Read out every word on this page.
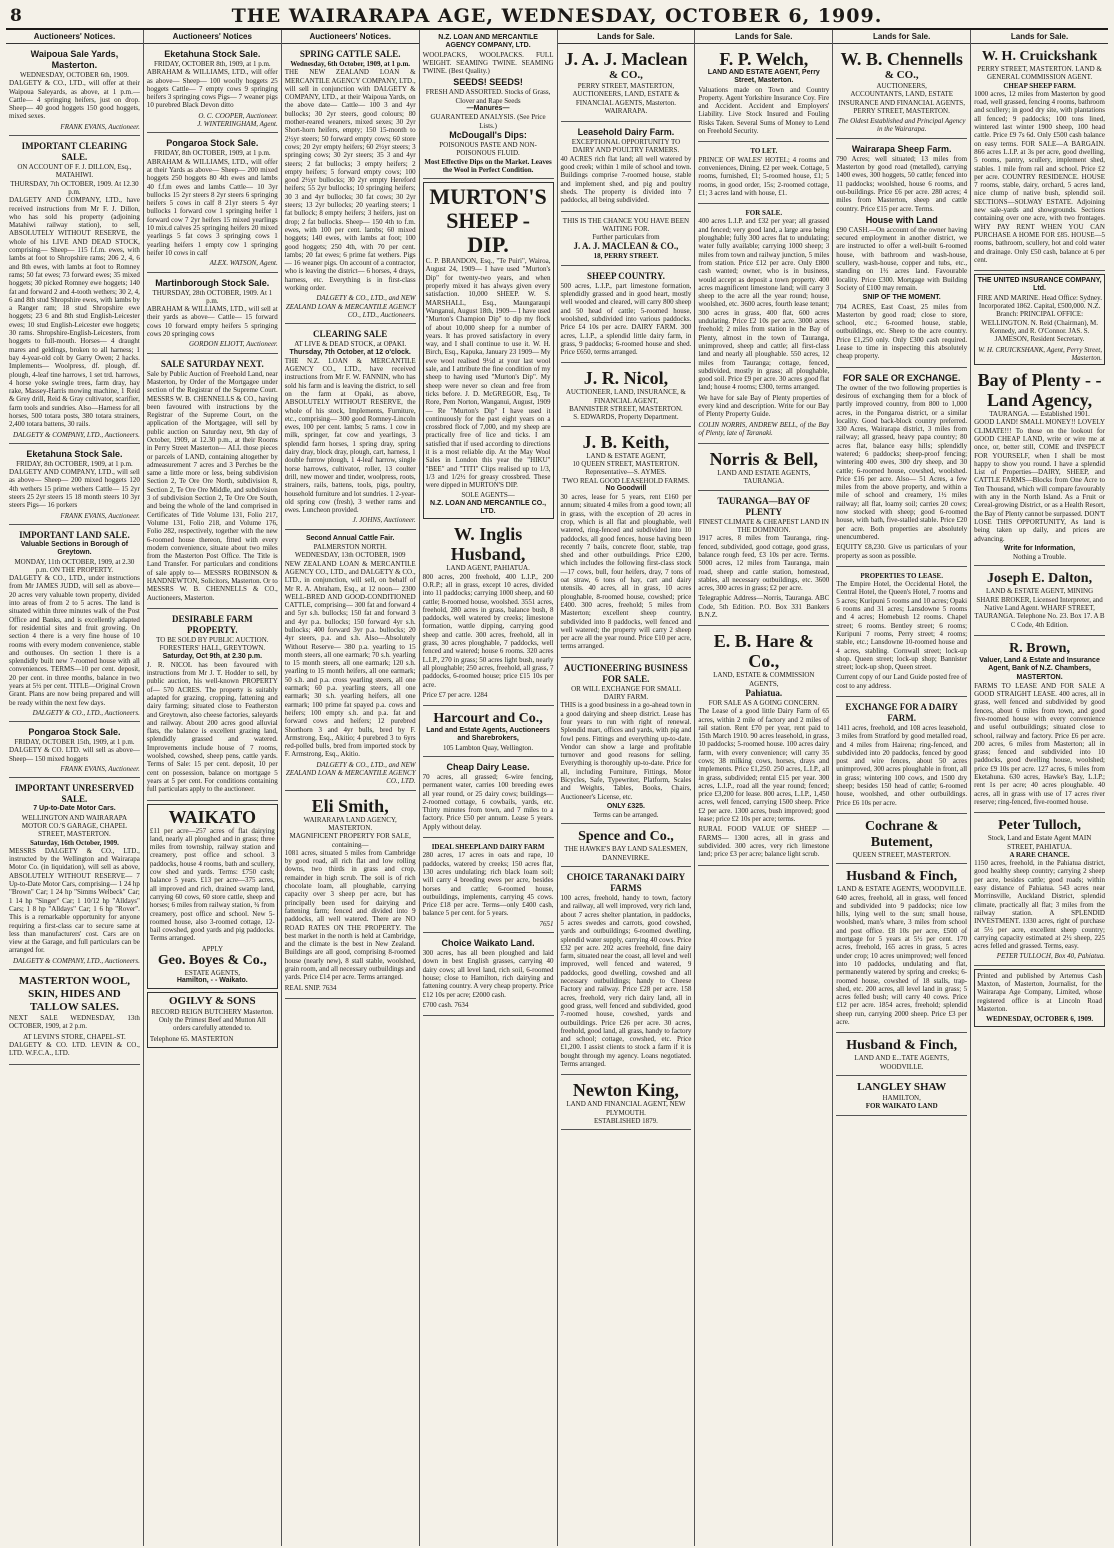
8	THE WAIRARAPA AGE, WEDNESDAY, OCTOBER 6, 1909.
Auctioneers' Notices.
Waipoua Sale Yards, Masterton.
WEDNESDAY, OCTOBER 6th, 1909.
DALGETY & CO., LTD., will offer at their Waipoua Saleyards, as above, at 1 p.m.— Cattle— 4 springing heifers, just on drop. Sheep— 40 good hoggets 150 good hoggets, mixed sexes.
FRANK EVANS, Auctioneer.
IMPORTANT CLEARING SALE.
ON ACCOUNT OF F. J. DILLON, Esq., MATAHIWI.
THURSDAY, 7th OCTOBER, 1909. At 12.30 p.m.
DALGETY AND COMPANY, LTD., have received instructions from Mr F. J. Dillon, who has sold his property (adjoining Matahiwi railway station), to sell, ABSOLUTELY WITHOUT RESERVE, the whole of his LIVE AND DEAD STOCK, comprising— Sheep— 115 f.f.m. ewes, with lambs at foot to Shropshire rams; 206 2, 4, 6 and 8th ewes, with lambs at foot to Romney rams; 50 fat ewes; 73 forward ewes; 35 mixed hoggets; 30 picked Romney ewe hoggets; 140 fat and forward 2 and 4-tooth wethers; 30 2, 4, 6 and 8th stud Shropshire ewes, with lambs by a Ranger ram; 18 stud Shropshire ewe hoggets; 23 6 and 8th stud English-Leicester ewes; 10 stud English-Leicester ewe hoggets; 30 rams. Shropshire-English-Leicesters, from hoggets to full-mouth. Horses— 4 draught mares and geldings, broken to all harness; 1 bay 4-year-old colt by Garry Owen; 2 hacks. Implements— Woolpress, df. plough, df. plough, 4-leaf tine harrows, 1 set trd. harrows, 4 horse yoke swingle trees, farm dray, hay rake, Massey-Harris mowing machine, 1 Reid & Grey drill, Reid & Gray cultivator, scarifier, farm tools and sundries. Also—Harness for all horses, 500 totara posts, 380 totara strainers, 2,400 totara battens, 30 rails.
DALGETY & COMPANY, LTD., Auctioneers.
Eketahuna Stock Sale.
FRIDAY, 8th OCTOBER, 1909, at 1 p.m.
DALGETY AND COMPANY, LTD., will sell as above— Sheep— 200 mixed hoggets 120 4th wethers 15 prime wethers Cattle— 15 2yr steers 25 2yr steers 15 18 month steers 10 3yr steers Pigs— 16 porkers
FRANK EVANS, Auctioneer.
IMPORTANT LAND SALE.
Valuable Sections in Borough of Greytown.
MONDAY, 11th OCTOBER, 1909, at 2.30 p.m. ON THE PROPERTY.
DALGETY & CO., LTD., under instructions from Mr JAMES JUDD, will sell as above— 20 acres very valuable town property, divided into areas of from 2 to 5 acres. The land is situated within three minutes walk of the Post Office and Banks, and is excellently adapted for residential sites and fruit growing. On section 4 there is a very fine house of 10 rooms with every modern convenience, stable and outhouses. On section 1 there is a splendidly built new 7-roomed house with all conveniences. TERMS—10 per cent. deposit, 20 per cent. in three months, balance in two years at 5½ per cent. TITLE—Original Crown Grant. Plans are now being prepared and will be ready within the next few days.
DALGETY & CO., LTD., Auctioneers.
Pongaroa Stock Sale.
FRIDAY, OCTOBER 15th, 1909, at 1 p.m.
DALGETY & CO. LTD. will sell as above— Sheep— 150 mixed hoggets
FRANK EVANS, Auctioneer.
IMPORTANT UNRESERVED SALE.
7 Up-to-Date Motor Cars.
WELLINGTON AND WAIRARAPA MOTOR CO.'S GARAGE, CHAPEL STREET, MASTERTON.
Saturday, 16th October, 1909.
MESSRS DALGETY & CO., LTD., instructed by the Wellington and Wairarapa Motor Co. (in liquidation), will sell as above, ABSOLUTELY WITHOUT RESERVE— 7 Up-to-Date Motor Cars, comprising— 1 24 hp "Brown" Car; 1 24 hp "Simms Welbeck" Car; 1 14 hp "Singer" Car; 1 10/12 hp "Alldays" Cars; 1 8 hp "Alldays" Car; 1 6 hp "Rover". This is a remarkable opportunity for anyone requiring a first-class car to secure same at less than manufacturers' cost. Cars are on view at the Garage, and full particulars can be arranged for.
DALGETY & COMPANY, LTD., Auctioneers.
MASTERTON WOOL, SKIN, HIDES AND TALLOW SALES.
NEXT SALE WEDNESDAY, 13th OCTOBER, 1909, at 2 p.m.
AT LEVIN'S STORE, CHAPEL-ST.
DALGETY & CO. LTD. LEVIN & CO., LTD. W.F.C.A., LTD.
Auctioneers' Notices
Eketahuna Stock Sale.
FRIDAY, OCTOBER 8th, 1909, at 1 p.m.
ABRAHAM & WILLIAMS, LTD., will offer as above— Sheep— 100 woolly hoggets 25 hoggets Cattle— 7 empty cows 9 springing heifers 3 springing cows Pigs— 7 weaner pigs 10 purebred Black Devon ditto
O. C. COOPER, Auctioneer.
J. WINTERINGHAM, Agent.
Pongaroa Stock Sale.
FRIDAY, 8th OCTOBER, 1909, at 1 p.m.
ABRAHAM & WILLIAMS, LTD., will offer at their Yards as above— Sheep— 200 mixed hoggets 250 hoggets 80 4th ewes and lambs 40 f.f.m ewes and lambs Cattle— 10 3yr bullocks 15 2yr steers 8 2yr steers 6 springing heifers 5 cows in calf 8 21yr steers 5 4yr bullocks 1 forward cow 1 springing heifer 1 forward cow 7 2yr heifers 15 mixed yearlings 10 mix.d calves 25 springing heifers 20 mixed yearlings 5 fat cows 3 springing cows 1 yearling heifers 1 empty cow 1 springing heifer 10 cows in calf
ALEX. WATSON, Agent.
Martinborough Stock Sale.
THURSDAY, 28th OCTOBER, 1909. At 1 p.m.
ABRAHAM & WILLIAMS, LTD., will sell at their yards as above— Cattle— 15 forward cows 10 forward empty heifers 5 springing cows 20 springing cows
GORDON ELIOTT, Auctioneer.
SALE SATURDAY NEXT.
Sale by Public Auction of Freehold Land, near Masterton, by Order of the Mortgagee under section of the Registrar of the Supreme Court. MESSRS W. B. CHENNELLS & CO., having been favoured with instructions by the Registrar of the Supreme Court, on the application of the Mortgagee, will sell by public auction on Saturday next, 9th day of October, 1909, at 12.30 p.m., at their Rooms in Perry Street Masterton— ALL those pieces or parcels of LAND, containing altogether by admeasurement 7 acres and 3 Perches be the same a little more or less, being subdivision Section 2, Te Ore Ore North, subdivision 8, Section 2, Te Ore Ore Middle, and subdivision 3 of subdivision Section 2, Te Ore Ore South, and being the whole of the land comprised in Certificates of Title Volume 131, Folio 217, Volume 131, Folio 218, and Volume 176, Folio 282, respectively, together with the new 6-roomed house thereon, fitted with every modern convenience, situate about two miles from the Masterton Post Office. The Title is Land Transfer. For particulars and conditions of sale apply to— MESSRS ROBINSON & HANDNEWTON, Solicitors, Masterton. Or to MESSRS W. B. CHENNELLS & CO., Auctioneers, Masterton.
DESIRABLE FARM PROPERTY.
TO BE SOLD BY PUBLIC AUCTION. FORESTERS' HALL, GREYTOWN.
Saturday, Oct 9th, at 2.30 p.m.
J. R. NICOL has been favoured with instructions from Mr J. T. Hodder to sell, by public auction, his well-known PROPERTY of— 570 ACRES. The property is suitably adapted for grazing, cropping, fattening and dairy farming; situated close to Featherston and Greytown, also cheese factories, saleyards and railway. About 200 acres good alluvial flats, the balance is excellent grazing land, splendidly grassed and watered. Improvements include house of 7 rooms, woolshed, cowshed, sheep pens, cattle yards. Terms of Sale: 15 per cent. deposit, 10 per cent on possession, balance on mortgage 5 years at 5 per cent. For conditions containing full particulars apply to the auctioneer.
WAIKATO
£11 per acre—257 acres of flat dairying land, nearly all ploughed and in grass; three miles from township, railway station and creamery, post office and school. 3 paddocks, house 4 rooms, bath and scullery, cow shed and yards. Terms: £750 cash; balance 5 years. £13 per acre—375 acres, all improved and rich, drained swamp land, carrying 60 cows, 60 store cattle, sheep and horses; 6 miles from railway station, ¾ from creamery, post office and school. New 5-roomed house, also 3-roomed cottage, 12-bail cowshed, good yards and pig paddocks. Terms arranged.
APPLY
Geo. Boyes & Co.,
ESTATE AGENTS,
Hamilton, - - Waikato.
OGILVY & SONS
RECORD REIGN BUTCHERY Masterton. Only the Primest Beef and Mutton All orders carefully attended to.
Telephone 65. MASTERTON
Auctioneers' Notices.
SPRING CATTLE SALE.
Wednesday, 6th October, 1909, at 1 p.m.
THE NEW ZEALAND LOAN & MERCANTILE AGENCY COMPANY, LTD., will sell in conjunction with DALGETY & COMPANY, LTD., at their Waipoua Yards, on the above date— Cattle— 100 3 and 4yr bullocks; 30 2yr steers, good colours; 80 mother-reared weaners, mixed sexes; 30 2yr Short-horn heifers, empty; 150 15-month to 2½yr steers; 50 forward empty cows; 60 store cows; 20 2yr empty heifers; 60 2½yr steers; 3 springing cows; 30 2yr steers; 35 3 and 4yr steers; 2 fat bullocks; 3 empty heifers; 2 empty heifers; 5 forward empty cows; 100 good 2½yr bullocks; 30 2yr empty Hereford heifers; 55 2yr bullocks; 10 springing heifers; 30 3 and 4yr bullocks; 30 fat cows; 30 2yr steers; 13 2yr bullocks; 20 yearling steers; 1 fat bullock; 8 empty heifers; 3 heifers, just on drop; 2 fat bullocks. Sheep— 150 4th to f.m. ewes, with 100 per cent. lambs; 60 mixed hoggets; 140 ewes, with lambs at foot; 100 good hoggets; 250 4th, with 70 per cent. lambs; 20 fat ewes; 6 prime fat wethers. Pigs— 16 weaner pigs. On account of a contractor, who is leaving the district— 6 horses, 4 drays, harness, etc. Everything is in first-class working order.
DALGETY & CO., LTD., and NEW ZEALAND LOAN & MERCANTILE AGENCY CO., LTD., Auctioneers.
CLEARING SALE
AT LIVE & DEAD STOCK, at OPAKI.
Thursday, 7th October, at 12 o'clock.
THE N.Z. LOAN & MERCANTILE AGENCY CO., LTD., have received instructions from Mr F. W. FANNIN, who has sold his farm and is leaving the district, to sell on the farm at Opaki, as above, ABSOLUTELY WITHOUT RESERVE, the whole of his stock, Implements, Furniture, etc., comprising— 300 good Romney-Lincoln ewes, 100 per cent. lambs; 5 rams. 1 cow in milk, springer, fat cow and yearlings, 3 splendid farm horses, 1 spring dray, spring dairy dray, block dray, plough, cart, harness, 1 double furrow plough, 1 4-leaf harrow, single horse harrows, cultivator, roller, 13 coulter drill, new mower and tinder, woolpress, roots, strainers, rails, battens, tools, pigs, poultry, household furniture and lot sundries. 1 2-year-old spring cow (fresh), 3 wether rams and ewes. Luncheon provided.
J. JOHNS, Auctioneer.
Second Annual Cattle Fair.
PALMERSTON NORTH.
WEDNESDAY, 13th OCTOBER, 1909
NEW ZEALAND LOAN & MERCANTILE AGENCY CO., LTD., and DALGETY & CO., LTD., in conjunction, will sell, on behalf of Mr R. A. Abraham, Esq., at 12 noon— 2300 WELL-BRED AND GOOD-CONDITIONED CATTLE, comprising— 300 fat and forward 4 and 5yr s.h. bullocks; 150 fat and forward 3 and 4yr p.a. bullocks; 150 forward 4yr s.h. bullocks; 400 forward 3yr p.a. bullocks; 20 4yr steers, p.a. and s.h. Also—Absolutely Without Reserve— 380 p.a. yearling to 15 month steers, all one earmark; 70 s.h. yearling to 15 month steers, all one earmark; 120 s.h. yearling to 15 month heifers, all one earmark; 50 s.h. and p.a. cross yearling steers, all one earmark; 60 p.a. yearling steers, all one earmark; 30 s.h. yearling heifers, all one earmark; 100 prime fat spayed p.a. cows and heifers; 100 empty s.h. and p.a. fat and forward cows and heifers; 12 purebred Shorthorn 3 and 4yr bulls, bred by F. Armstrong, Esq., Akitio; 4 purebred 3 to 6yrs red-polled bulls, bred from imported stock by F. Armstrong, Esq., Akitio.
DALGETY & CO., LTD., and NEW ZEALAND LOAN & MERCANTILE AGENCY CO., LTD.
Eli Smith,
WAIRARAPA LAND AGENCY, MASTERTON.
MAGNIFICENT PROPERTY FOR SALE, containing—
1081 acres, situated 5 miles from Cambridge by good road, all rich flat and low rolling downs, two thirds in grass and crop, remainder in high scrub. The soil is of rich chocolate loam, all ploughable, carrying capacity over 3 sheep per acre, but has principally been used for dairying and fattening farm; fenced and divided into 9 paddocks, all well watered. There are NO ROAD RATES ON THE PROPERTY. The best market in the north is held at Cambridge, and the climate is the best in New Zealand. Buildings are all good, comprising 8-roomed house (nearly new), 8 stall stable, woolshed, grain room, and all necessary outbuildings and yards. Price £14 per acre. Terms arranged.
REAL SNIP. 7634
N.Z. LOAN AND MERCANTILE AGENCY COMPANY, LTD.
WOOLPACKS, WOOLPACKS. FULL WEIGHT. SEAMING TWINE. SEAMING TWINE. (Best Quality.)
SEEDS! SEEDS!
FRESH AND ASSORTED. Stocks of Grass, Clover and Rape Seeds
—Manures—
GUARANTEED ANALYSIS. (See Price Lists.)
McDougall's Dips:
POISONOUS PASTE AND NON-POISONOUS FLUID.
Most Effective Dips on the Market. Leaves the Wool in Perfect Condition.
MURTON'S SHEEP - DIP.
C. P. BRANDON, Esq., "Te Puiri", Wairoa, August 24, 1909— I have used "Murton's Dip" for twenty-two years, and when properly mixed it has always given every satisfaction. 10,000 SHEEP. W. S. MARSHALL, Esq., Maungaraupi Wanganui, August 18th, 1909— I have used "Murton's Champion Dip" to dip my flock of about 10,000 sheep for a number of years. It has proved satisfactory in every way, and I shall continue to use it. W. H. Birch, Esq., Kapuka, January 23 1909— My ewe wool realised 9½d at your last wool sale, and I attribute the fine condition of my sheep to having used "Murton's Dip". My sheep were never so clean and free from ticks before. J. D. McGREGOR, Esq., Te Rore, Pem Norton, Wanganui, August, 1909— Re "Murton's Dip" I have used it continuously for the past eight years on a crossbred flock of 7,000, and my sheep are practically free of lice and ticks. I am satisfied that if used according to directions it is a most reliable dip. At the May Wool Sales in London this year the "HIKU" "BEE" and "TITI" Clips realised up to 1/3, 1/3 and 1/2½ for greasy crossbred. These were dipped in MURTON'S DIP.
SOLE AGENTS—
N.Z. LOAN AND MERCANTILE CO., LTD.
W. Inglis Husband,
LAND AGENT, PAHIATUA.
800 acres, 200 freehold, 400 L.I.P., 200 O.R.P.; all in grass, except 10 acres, divided into 11 paddocks; carrying 1000 sheep, and 60 cattle; 8-roomed house, woolshed. 3551 acres, freehold, 280 acres in grass, balance bush, 8 paddocks, well watered by creeks; limestone formation, wattle dipping, carrying good sheep and cattle. 300 acres, freehold, all in grass, 30 acres ploughable, 7 paddocks, well fenced and watered; house 6 rooms. 320 acres L.I.P., 270 in grass; 50 acres light bush, nearly all ploughable; 250 acres, freehold, all grass, 7 paddocks, 6-roomed house; price £15 10s per acre.
Price £7 per acre. 1284
Harcourt and Co.,
Land and Estate Agents, Auctioneers and Sharebrokers,
105 Lambton Quay, Wellington.
Cheap Dairy Lease.
70 acres, all grassed; 6-wire fencing, permanent water, carries 100 breeding ewes all year round, or 25 dairy cows; buildings—2-roomed cottage, 6 cowbails, yards, etc. Thirty minutes from town, and 7 miles to a factory. Price £50 per annum. Lease 5 years. Apply without delay.
IDEAL SHEEPLAND DAIRY FARM
280 acres, 17 acres in oats and rape, 10 paddocks, watered by creeks; 150 acres flat, 130 acres undulating; rich black loam soil; will carry 4 breeding ewes per acre, besides horses and cattle; 6-roomed house, outbuildings, implements, carrying 45 cows. Price £18 per acre. Terms—only £400 cash, balance 5 per cent. for 5 years.
7651
Choice Waikato Land.
300 acres, has all been ploughed and laid down in best English grasses, carrying 40 dairy cows; all level land, rich soil, 6-roomed house; close to Hamilton, rich dairying and fattening country. A very cheap property. Price £12 10s per acre; £2000 cash.
£700 cash. 7634
Lands for Sale.
J. A. J. Maclean
& CO.,
PERRY STREET, MASTERTON, AUCTIONEERS, LAND, ESTATE & FINANCIAL AGENTS, Masterton. WAIRARAPA.
Leasehold Dairy Farm.
EXCEPTIONAL OPPORTUNITY TO DAIRY AND POULTRY FARMERS.
40 ACRES rich flat land; all well watered by good creek; within 1 mile of school and town. Buildings comprise 7-roomed house, stable and implement shed, and pig and poultry sheds. The property is divided into 7 paddocks, all being subdivided.
THIS IS THE CHANCE YOU HAVE BEEN WAITING FOR.
Further particulars from
J. A. J. MACLEAN & CO.,
18, PERRY STREET.
SHEEP COUNTRY.
500 acres, L.I.P., part limestone formation, splendidly grassed and in good heart, mostly well wooded and cleared, will carry 800 sheep and 50 head of cattle; 5-roomed house, woolshed, subdivided into various paddocks. Price £4 10s per acre. DAIRY FARM. 300 acres, L.I.P., a splendid little dairy farm, in grass, 9 paddocks; 6-roomed house and shed. Price £650, terms arranged.
J. R. Nicol,
AUCTIONEER, LAND, INSURANCE, & FINANCIAL AGENT,
BANNISTER STREET, MASTERTON.
S. EDWARDS, Property Department.
J. B. Keith,
LAND & ESTATE AGENT,
10 QUEEN STREET, MASTERTON.
Representative—S. AYMES.
TWO REAL GOOD LEASEHOLD FARMS.
No Goodwill
30 acres, lease for 5 years, rent £160 per annum; situated 4 miles from a good town; all in grass, with the exception of 20 acres in crop, which is all flat and ploughable, well watered, ring-fenced and subdivided into 10 paddocks, all good fences, house having been recently 7 bails, concrete floor, stable, trap shed and other outbuildings. Price £200, which includes the following first-class stock—17 cows, bull, four heifers, dray, 7 tons of oat straw, 6 tons of hay, cart and dairy utensils. 40 acres, all in grass, 10 acres ploughable, 8-roomed house, cowshed; price £400. 300 acres, freehold; 5 miles from Masterton; excellent sheep country, subdivided into 8 paddocks, well fenced and well watered; the property will carry 2 sheep per acre all the year round. Price £10 per acre, terms arranged.
AUCTIONEERING BUSINESS FOR SALE.
OR WILL EXCHANGE FOR SMALL DAIRY FARM.
THIS is a good business in a go-ahead town in a good dairying and sheep district. Lease has four years to run with right of renewal. Splendid mart, offices and yards, with pig and fowl pens. Fittings and everything up-to-date. Vendor can show a large and profitable turnover and good reasons for selling. Everything is thoroughly up-to-date. Price for all, including Furniture, Fittings, Motor Bicycles, Safe, Typewriter, Platform, Scales and Weights, Tables, Books, Chairs, Auctioneer's License, etc.
ONLY £325.
Terms can be arranged.
Spence and Co.,
THE HAWKE'S BAY LAND SALESMEN, DANNEVIRKE.
CHOICE TARANAKI DAIRY FARMS
100 acres, freehold, handy to town, factory and railway, all well improved, very rich land, about 7 acres shelter plantation, in paddocks, 5 acres swedes and carrots, good cowshed, yards and outbuildings; 6-roomed dwelling, splendid water supply, carrying 40 cows. Price £32 per acre. 202 acres freehold, fine dairy farm, situated near the coast, all level and well improved, well fenced and watered, 9 paddocks, good dwelling, cowshed and all necessary outbuildings; handy to Cheese Factory and railway. Price £28 per acre. 158 acres, freehold, very rich dairy land, all in good grass, well fenced and subdivided, good 7-roomed house, cowshed, yards and outbuildings. Price £26 per acre. 30 acres, freehold, good land, all grass, handy to factory and school; cottage, cowshed, etc. Price £1,200. I assist clients to stock a farm if it is bought through my agency. Loans negotiated. Terms arranged.
Newton King,
LAND AND FINANCIAL AGENT, NEW PLYMOUTH.
ESTABLISHED 1879.
Lands for Sale.
F. P. Welch,
LAND AND ESTATE AGENT, Perry Street, Masterton.
Valuations made on Town and Country Property. Agent Yorkshire Insurance Coy. Fire and Accident. Accident and Employers' Liability. Live Stock Insured and Fouling Risks Taken. Several Sums of Money to Lend on Freehold Security.
TO LET.
PRINCE OF WALES' HOTEL; 4 rooms and conveniences, Dining, £2 per week. Cottage, 5 rooms, furnished, £1; 5-roomed house, £1; 5 rooms, in good order, 15s; 2-roomed cottage, £1; 3 acres land with house, £1.
FOR SALE.
400 acres L.I.P. and £32 per year; all grassed and fenced; very good land, a large area being ploughable; fully 300 acres flat to undulating; water fully available; carrying 1000 sheep; 3 miles from town and railway junction, 5 miles from station. Price £12 per acre. Only £800 cash wanted; owner, who is in business, would accept as deposit a town property. 400 acres magnificent limestone land; will carry 3 sheep to the acre all the year round; house, woolshed, etc. 3600 acres, fourth lease tenant; 300 acres in grass, 400 flat, 600 acres undulating. Price £2 10s per acre. 3000 acres freehold; 2 miles from station in the Bay of Plenty, almost in the town of Tauranga, unimproved, sheep and cattle; all first-class land and nearly all ploughable. 550 acres, 12 miles from Tauranga; cottage, fenced, subdivided, mostly in grass; all ploughable, good soil. Price £9 per acre. 30 acres good flat land; house 4 rooms; £300, terms arranged.
We have for sale Bay of Plenty properties of every kind and description. Write for our Bay of Plenty Property Guide.
COLIN NORRIS, ANDREW BELL, of the Bay of Plenty, late of Taranaki.
Norris & Bell,
LAND AND ESTATE AGENTS, TAURANGA.
TAURANGA—BAY OF PLENTY
FINEST CLIMATE & CHEAPEST LAND IN THE DOMINION.
1917 acres, 8 miles from Tauranga, ring-fenced, subdivided, good cottage, good grass, balance rough feed, £3 10s per acre. Terms. 5000 acres, 12 miles from Tauranga, main road, sheep and cattle station, homestead, stables, all necessary outbuildings, etc. 3600 acres, 300 acres in grass; £2 per acre.
Telegraphic Address—Norris, Tauranga. ABC Code, 5th Edition. P.O. Box 331 Bankers B.N.Z.
E. B. Hare & Co.,
LAND, ESTATE & COMMISSION AGENTS,
Pahiatua.
FOR SALE AS A GOING CONCERN.
The Lease of a good little Dairy Farm of 65 acres, within 2 mile of factory and 2 miles of rail station. Rent £70 per year, rent paid to 15th March 1910. 90 acres leasehold, in grass, 10 paddocks; 5-roomed house. 100 acres dairy farm, with every convenience; will carry 35 cows; 38 milking cows, horses, drays and implements. Price £1,250. 250 acres, L.I.P., all in grass, subdivided; rental £15 per year. 300 acres, L.I.P., road all the year round; fenced; price £3,200 for lease. 800 acres, L.I.P., 1,450 acres, well fenced, carrying 1500 sheep. Price £2 per acre. 1300 acres, bush improved; good lease; price £2 10s per acre; terms.
RURAL FOOD VALUE OF SHEEP —FARMS— 1300 acres, all in grass and subdivided. 300 acres, very rich limestone land; price £3 per acre; balance light scrub.
Lands for Sale.
W. B. Chennells
& CO.,
AUCTIONEERS,
ACCOUNTANTS, LAND, ESTATE INSURANCE AND FINANCIAL AGENTS, PERRY STREET, MASTERTON.
The Oldest Established and Principal Agency in the Wairarapa.
Wairarapa Sheep Farm.
790 Acres; well situated; 13 miles from Masterton by good road (metalled), carrying 1400 ewes, 300 hoggets, 50 cattle; fenced into 11 paddocks; woolshed, house 6 rooms, and out-buildings. Price £6 per acre. 280 acres; 4 miles from Masterton, sheep and cattle country. Price £15 per acre. Terms.
House with Land
£90 CASH.—On account of the owner having secured employment in another district, we are instructed to offer a well-built 6-roomed house, with bathroom and wash-house, scullery, wash-house, copper and tubs, etc., standing on 1½ acres land. Favourable locality. Price £300. Mortgage with Building Society of £100 may remain.
SNIP OF THE MOMENT.
704 ACRES, East Coast, 25 miles from Masterton by good road; close to store, school, etc.; 6-roomed house, stable, outbuildings, etc. Sheep to the acre country. Price £1,250 only. Only £300 cash required. Lease to time in inspecting this absolutely cheap property.
FOR SALE OR EXCHANGE.
The owner of the two following properties is desirous of exchanging them for a block of partly improved country, from 800 to 1,000 acres, in the Pongaroa district, or a similar locality. Good back-block country preferred. 330 Acres, Wairarapa district, 3 miles from railway; all grassed, heavy papa country; 80 acres flat, balance easy hills; splendidly watered; 6 paddocks; sheep-proof fencing; wintering 400 ewes, 300 dry sheep, and 30 cattle; 6-roomed house, cowshed, woolshed. Price £16 per acre. Also— 51 Acres, a few miles from the above property, and within a mile of school and creamery, 1½ miles railway; all flat, loamy soil; carries 20 cows; now stocked with sheep; good 6-roomed house, with bath, five-stalled stable. Price £20 per acre. Both properties are absolutely unencumbered.
EQUITY £8,230. Give us particulars of your property as soon as possible.
PROPERTIES TO LEASE.
The Empire Hotel, the Occidental Hotel, the Central Hotel, the Queen's Hotel, 7 rooms and 5 acres; Kuripuni 5 rooms and 10 acres; Opaki 6 rooms and 31 acres; Lansdowne 5 rooms and 4 acres; Homebush 12 rooms. Chapel street; 6 rooms. Bentley street; 6 rooms; Kuripuni 7 rooms, Perry street; 4 rooms; stable, etc.; Lansdowne 10-roomed house and 4 acres, stabling. Cornwall street; lock-up shop. Queen street; lock-up shop; Bannister street; lock-up shop, Queen street.
Current copy of our Land Guide posted free of cost to any address.
EXCHANGE FOR A DAIRY FARM.
1411 acres, freehold, and 108 acres leasehold, 3 miles from Stratford by good metalled road, and 4 miles from Hairena; ring-fenced, and subdivided into 20 paddocks, fenced by good post and wire fences, about 50 acres unimproved, 300 acres ploughable in front, all in grass; wintering 100 cows, and 1500 dry sheep; besides 150 head of cattle; 6-roomed house, woolshed, and other outbuildings. Price £6 10s per acre.
Cochrane & Butement,
QUEEN STREET, MASTERTON.
Husband & Finch,
LAND & ESTATE AGENTS, WOODVILLE.
640 acres, freehold, all in grass, well fenced and subdivided into 9 paddocks; nice low hills, lying well to the sun; small house, woolshed, man's whare, 3 miles from school and post office. £8 10s per acre, £500 of mortgage for 5 years at 5½ per cent. 170 acres, freehold, 165 acres in grass, 5 acres under crop; 10 acres unimproved; well fenced into 10 paddocks, undulating and flat, permanently watered by spring and creeks; 6-roomed house, cowshed of 18 stalls, trap-shed, etc. 200 acres, all level land in grass; 5 acres felled bush; will carry 40 cows. Price £12 per acre. 1854 acres, freehold; splendid sheep run, carrying 2000 sheep. Price £3 per acre.
Husband & Finch,
LAND AND E...TATE AGENTS, WOODVILLE.
LANGLEY SHAW
HAMILTON,
FOR WAIKATO LAND
Lands for Sale.
W. H. Cruickshank
PERRY STREET, MASTERTON. LAND & GENERAL COMMISSION AGENT.
CHEAP SHEEP FARM.
1000 acres, 12 miles from Masterton by good road, well grassed, fencing 4 rooms, bathroom and scullery; in good dry site, with plantations all fenced; 9 paddocks; 100 tons lined, wintered last winter 1900 sheep, 100 head cattle. Price £9 7s 6d. Only £500 cash balance on easy terms. FOR SALE—A BARGAIN. 866 acres L.I.P. at 3s per acre, good dwelling, 5 rooms, pantry, scullery, implement shed, stables. 1 mile from rail and school. Price £2 per acre. COUNTRY RESIDENCE. HOUSE 7 rooms, stable, dairy, orchard, 5 acres land, nice clump of native bush, splendid soil. SECTIONS—SOLWAY ESTATE. Adjoining new sale-yards and showgrounds. Sections containing over one acre, with two frontages. WHY PAY RENT WHEN YOU CAN PURCHASE A HOME FOR £85. HOUSE—5 rooms, bathroom, scullery, hot and cold water and drainage. Only £50 cash, balance at 6 per cent.
THE UNITED INSURANCE COMPANY, Ltd.
FIRE AND MARINE. Head Office: Sydney. Incorporated 1862. Capital, £500,000. N.Z. Branch: PRINCIPAL OFFICE: WELLINGTON. N. Reid (Chairman), M. Kennedy, and R. O'Connor. JAS. S. JAMESON, Resident Secretary.
W. H. CRUICKSHANK, Agent, Perry Street, Masterton.
Bay of Plenty - - Land Agency,
TAURANGA. — Established 1901.
GOOD LAND! SMALL MONEY!! LOVELY CLIMATE!!! To those on the lookout for GOOD CHEAP LAND, write or wire me at once, or, better still, COME and INSPECT FOR YOURSELF, when I shall be most happy to show you round. I have a splendid List of Properties—DAIRY, SHEEP, and CATTLE FARMS—Blocks from One Acre to Ten Thousand, which will compare favourably with any in the North Island. As a Fruit or Cereal-growing District, or as a Health Resort, the Bay of Plenty cannot be surpassed. DON'T LOSE THIS OPPORTUNITY, As land is being taken up daily, and prices are advancing.
Write for Information,
Nothing a Trouble.
Joseph E. Dalton,
LAND & ESTATE AGENT, MINING SHARE BROKER, Licensed Interpreter, and Native Land Agent. WHARF STREET, TAURANGA. Telephone No. 23. Box 17. A B C Code, 4th Edition.
R. Brown,
Valuer, Land & Estate and Insurance Agent, Bank of N.Z. Chambers, MASTERTON.
FARMS TO LEASE AND FOR SALE A GOOD STRAIGHT LEASE. 400 acres, all in grass, well fenced and subdivided by good fences, about 6 miles from town, and good five-roomed house with every convenience and useful outbuildings; situated close to school, railway and factory. Price £6 per acre. 200 acres, 6 miles from Masterton; all in grass; fenced and subdivided into 10 paddocks, good dwelling house, woolshed; price £9 10s per acre. 127 acres, 6 miles from Eketahuna. 630 acres, Hawke's Bay, L.I.P.; rent 1s per acre; 40 acres ploughable. 40 acres, all in grass with use of 17 acres river reserve; ring-fenced, five-roomed house.
Peter Tulloch,
Stock, Land and Estate Agent MAIN STREET, PAHIATUA.
A RARE CHANCE.
1150 acres, freehold, in the Pahiatua district, good healthy sheep country; carrying 2 sheep per acre, besides cattle; good roads; within easy distance of Pahiatua. 543 acres near Morrinsville, Auckland District, splendid climate, practically all flat; 3 miles from the railway station. A SPLENDID INVESTMENT. 1330 acres, right of purchase at 5½ per acre, excellent sheep country; carrying capacity estimated at 2½ sheep, 225 acres felled and grassed. Terms, easy.
PETER TULLOCH, Box 40, Pahiatua.
Printed and published by Artemus Cash Maxton, of Masterton, Journalist, for the Wairarapa Age Company, Limited, whose registered office is at Lincoln Road Masterton.
WEDNESDAY, OCTOBER 6, 1909.
